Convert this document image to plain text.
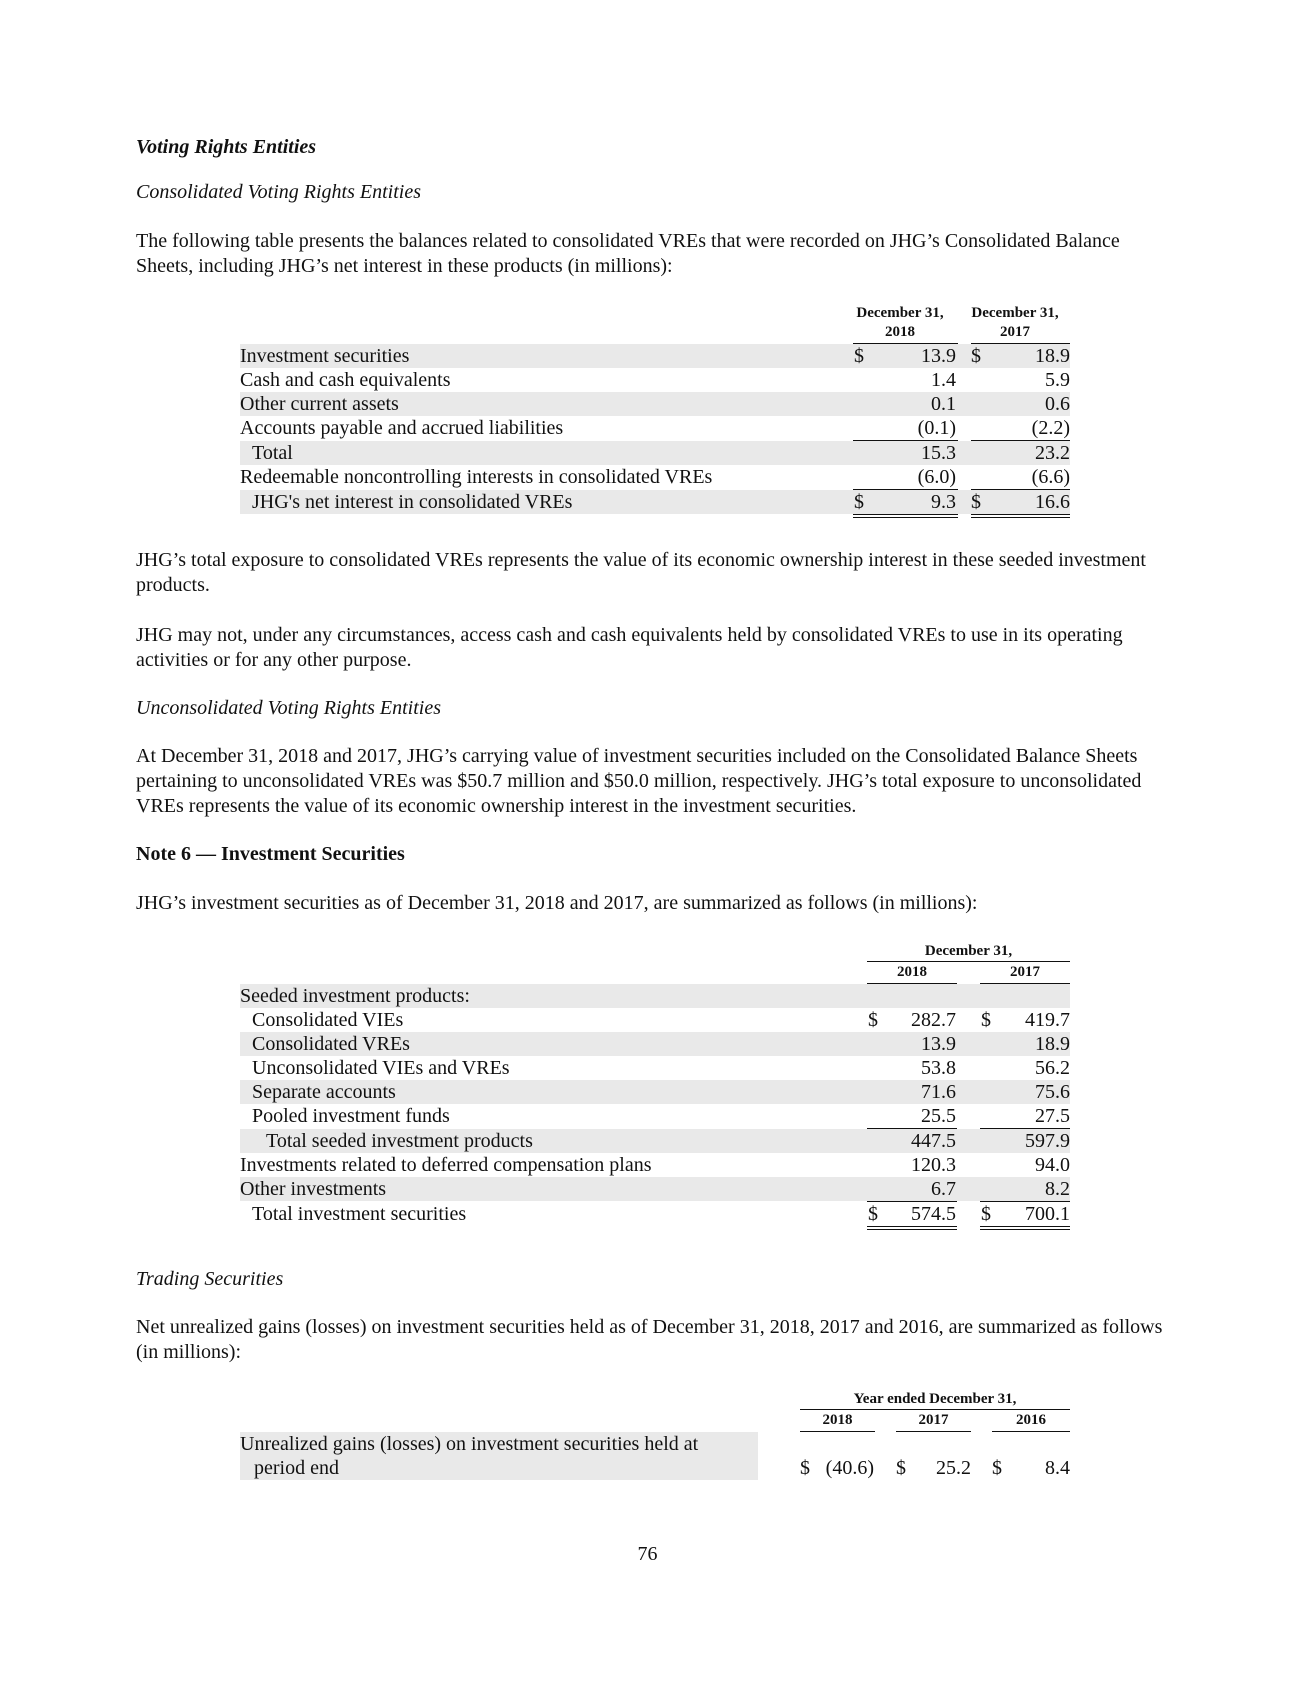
Voting Rights Entities
Consolidated Voting Rights Entities
The following table presents the balances related to consolidated VREs that were recorded on JHG’s Consolidated Balance Sheets, including JHG’s net interest in these products (in millions):
December 31, 2018
December 31, 2017
Investment securities	$	13.9 $	18.9
Cash and cash equivalents	1.4	5.9
Other current assets	0.1	0.6
Accounts payable and accrued liabilities	(0.1)	(2.2)
Total	15.3	23.2
Redeemable noncontrolling interests in consolidated VREs	(6.0)	(6.6)
JHG's net interest in consolidated VREs	$	9.3 $	16.6
JHG’s total exposure to consolidated VREs represents the value of its economic ownership interest in these seeded investment products.
JHG may not, under any circumstances, access cash and cash equivalents held by consolidated VREs to use in its operating activities or for any other purpose.
Unconsolidated Voting Rights Entities
At December 31, 2018 and 2017, JHG’s carrying value of investment securities included on the Consolidated Balance Sheets pertaining to unconsolidated VREs was $50.7 million and $50.0 million, respectively. JHG’s total exposure to unconsolidated VREs represents the value of its economic ownership interest in the investment securities.
Note 6 — Investment Securities
JHG’s investment securities as of December 31, 2018 and 2017, are summarized as follows (in millions):
December 31,
2018	2017
Seeded investment products:
Consolidated VIEs	$	282.7 $	419.7
Consolidated VREs	13.9	18.9
Unconsolidated VIEs and VREs	53.8	56.2
Separate accounts	71.6	75.6
Pooled investment funds	25.5	27.5
Total seeded investment products	447.5	597.9
Investments related to deferred compensation plans	120.3	94.0
Other investments	6.7	8.2
Total investment securities	$	574.5 $	700.1
Trading Securities
Net unrealized gains (losses) on investment securities held as of December 31, 2018, 2017 and 2016, are summarized as follows (in millions):
Year ended December 31,
2018	2017	2016
Unrealized gains (losses) on investment securities held at
period end	$ (40.6) $	25.2 $	8.4
76
